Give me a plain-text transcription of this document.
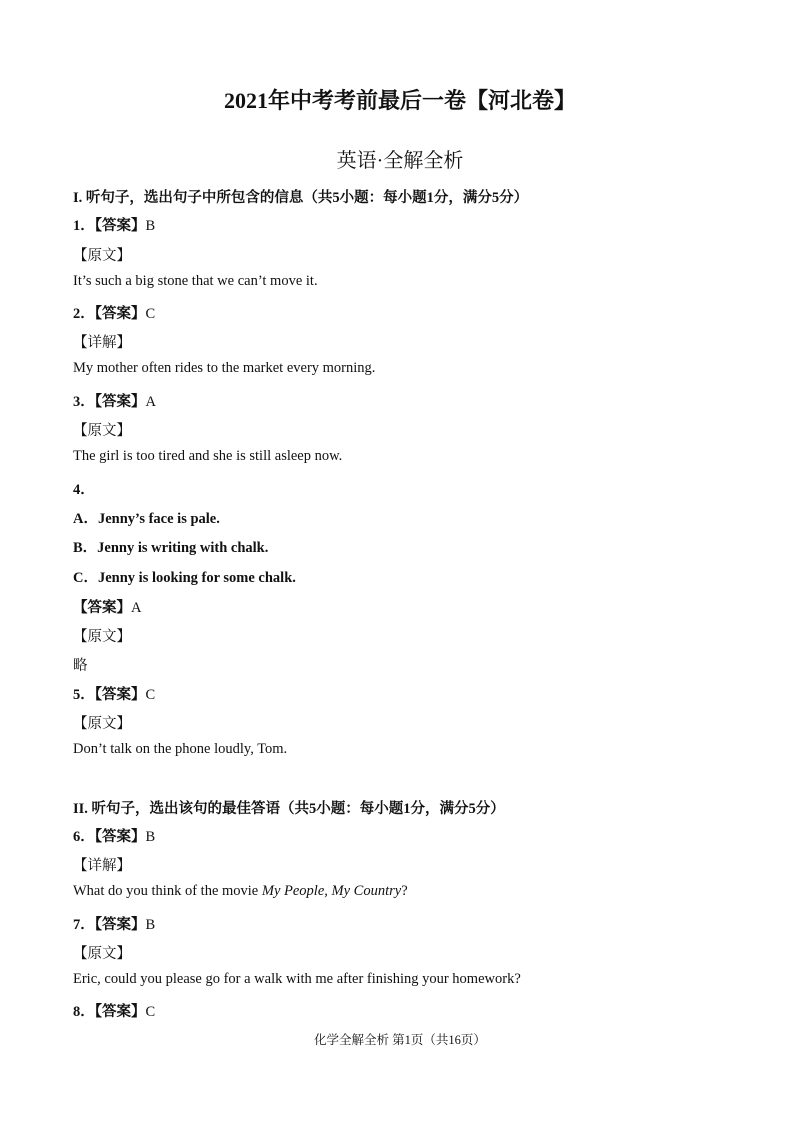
2021年中考考前最后一卷【河北卷】
英语·全解全析
I. 听句子，选出句子中所包含的信息（共5小题：每小题1分，满分5分）
1．【答案】B
【原文】
It’s such a big stone that we can’t move it.
2．【答案】C
【详解】
My mother often rides to the market every morning.
3．【答案】A
【原文】
The girl is too tired and she is still asleep now.
4．
A．Jenny’s face is pale.
B．Jenny is writing with chalk.
C．Jenny is looking for some chalk.
【答案】A
【原文】
略
5．【答案】C
【原文】
Don’t talk on the phone loudly, Tom.
II. 听句子，选出该句的最佳答语（共5小题：每小题1分，满分5分）
6．【答案】B
【详解】
What do you think of the movie My People, My Country?
7．【答案】B
【原文】
Eric, could you please go for a walk with me after finishing your homework?
8．【答案】C
化学全解全析 第1页（共16页）
